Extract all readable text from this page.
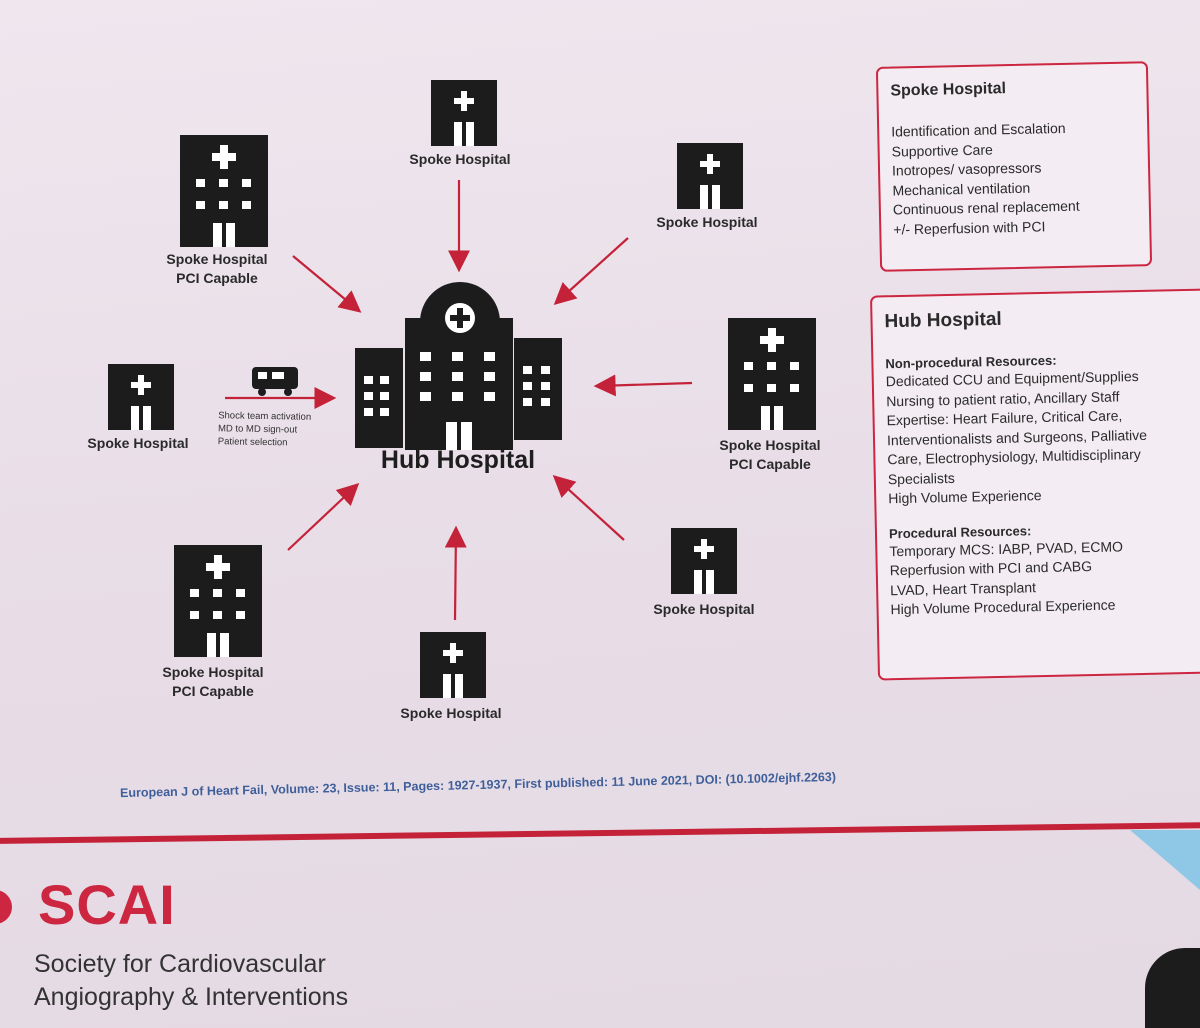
Spoke Hospital
PCI Capable
Spoke Hospital
Spoke Hospital
Spoke Hospital	Spoke Hospital
PCI Capable
Spoke Hospital
PCI Capable
Spoke Hospital
Spoke Hospital
Hub Hospital
Shock team activation
MD to MD sign-out
Patient selection
Spoke Hospital
Identification and Escalation
Supportive Care
Inotropes/ vasopressors
Mechanical ventilation
Continuous renal replacement
+/- Reperfusion with PCI
Hub Hospital
Non-procedural Resources:
Dedicated CCU and Equipment/Supplies
Nursing to patient ratio, Ancillary Staff
Expertise: Heart Failure, Critical Care,
Interventionalists and Surgeons, Palliative
Care, Electrophysiology, Multidisciplinary
Specialists
High Volume Experience
Procedural Resources:
Temporary MCS: IABP, PVAD, ECMO
Reperfusion with PCI and CABG
LVAD, Heart Transplant
High Volume Procedural Experience
European J of Heart Fail, Volume: 23, Issue: 11, Pages: 1927-1937, First published: 11 June 2021, DOI: (10.1002/ejhf.2263)
SCAI
Society for Cardiovascular
Angiography & Interventions
